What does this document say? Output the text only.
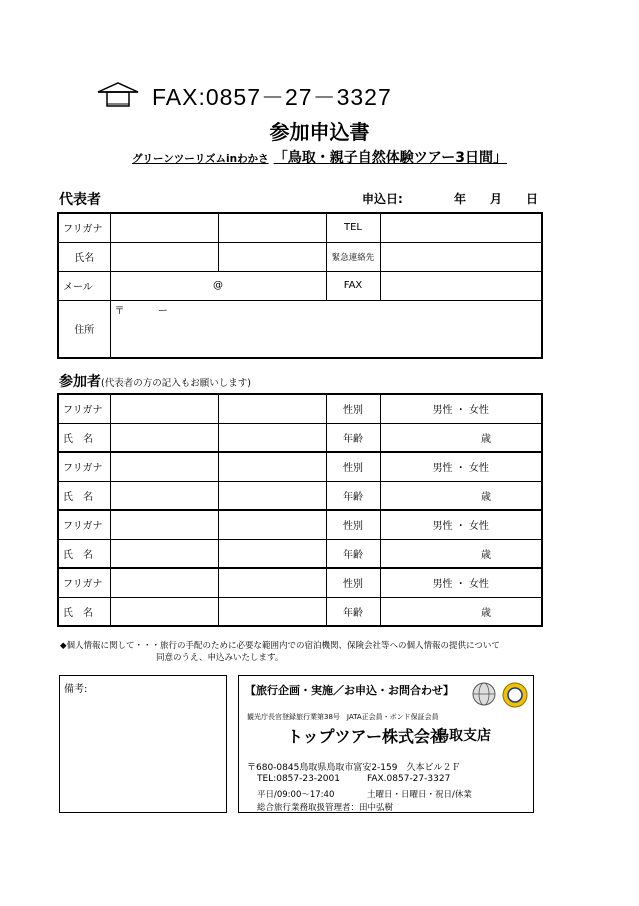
FAX:0857－27－3327
参加申込書
グリーンツーリズムinわかさ 「鳥取・親子自然体験ツアー3日間」
代表者	申込日:	年 月 日
フリガナ			TEL	
氏名			緊急連絡先	
メール	@		FAX	
住所	〒 ー			
参加者(代表者の方の記入もお願いします)
フリガナ			性別	男性 ・ 女性
氏　名			年齢	歳
フリガナ			性別	男性 ・ 女性
氏　名			年齢	歳
フリガナ			性別	男性 ・ 女性
氏　名			年齢	歳
フリガナ			性別	男性 ・ 女性
氏　名			年齢	歳
◆個人情報に関して・・・旅行の手配のために必要な範囲内での宿泊機関、保険会社等への個人情報の提供について
同意のうえ、申込みいたします。
備考:	【旅行企画・実施／お申込・お問合わせ】
観光庁長官登録旅行業第38号　JATA正会員・ボンド保証会員
トップツアー株式会社
鳥取支店
〒680-0845鳥取県鳥取市富安2-159　久本ビル２Ｆ
TEL:0857-23-2001	FAX.0857-27-3327
平日/09:00～17:40	土曜日・日曜日・祝日/休業
総合旅行業務取扱管理者：田中弘樹
